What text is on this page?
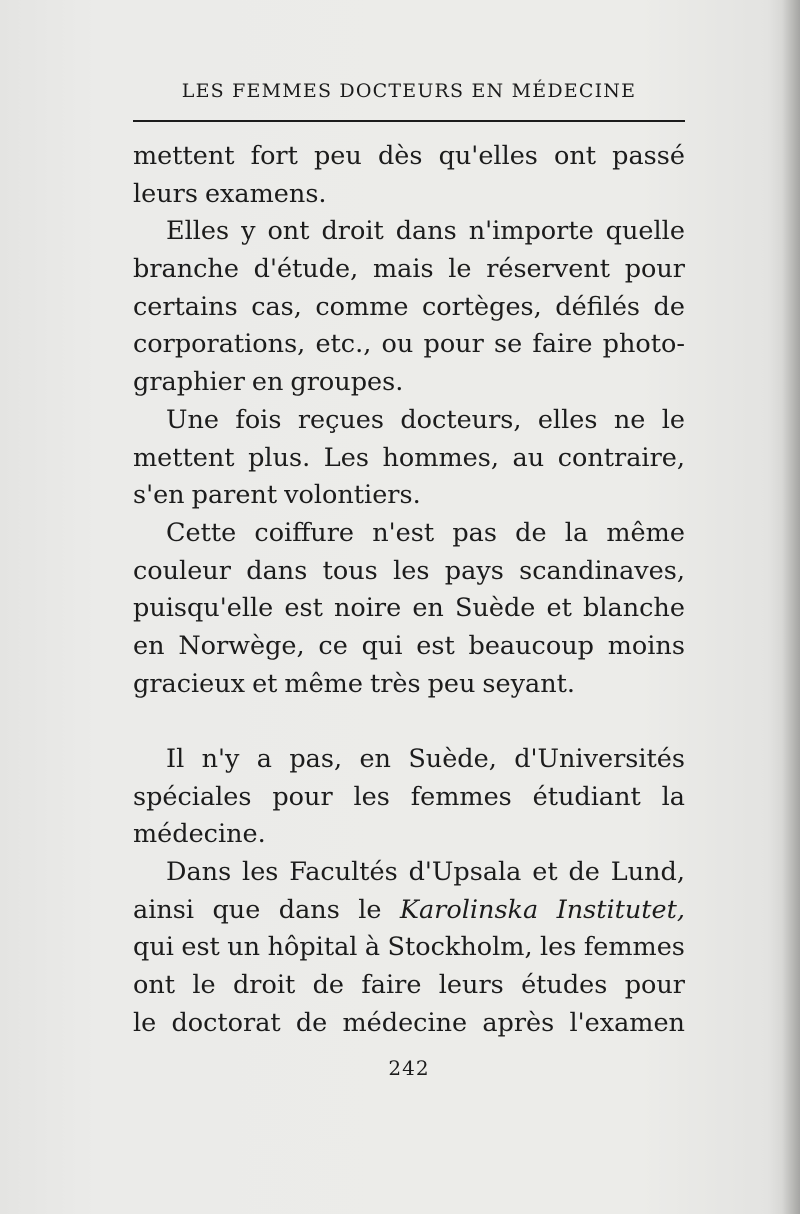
LES FEMMES DOCTEURS EN MÉDECINE
mettent fort peu dès qu'elles ont passé
leurs examens.
Elles y ont droit dans n'importe quelle
branche d'étude, mais le réservent pour
certains cas, comme cortèges, défilés de
corporations, etc., ou pour se faire photo-
graphier en groupes.
Une fois reçues docteurs, elles ne le
mettent plus. Les hommes, au contraire,
s'en parent volontiers.
Cette coiffure n'est pas de la même
couleur dans tous les pays scandinaves,
puisqu'elle est noire en Suède et blanche
en Norwège, ce qui est beaucoup moins
gracieux et même très peu seyant.
Il n'y a pas, en Suède, d'Universités
spéciales pour les femmes étudiant la
médecine.
Dans les Facultés d'Upsala et de Lund,
ainsi que dans le Karolinska Institutet,
qui est un hôpital à Stockholm, les femmes
ont le droit de faire leurs études pour
le doctorat de médecine après l'examen
242
